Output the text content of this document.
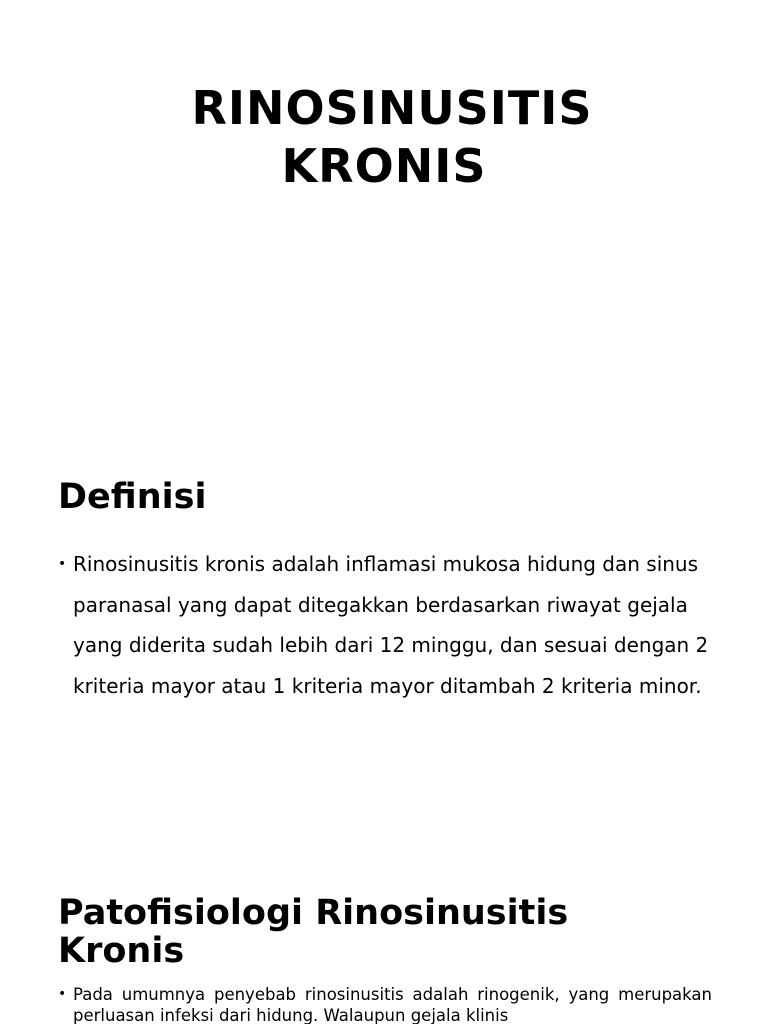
RINOSINUSITIS
KRONIS
Definisi
• Rinosinusitis kronis adalah inflamasi mukosa hidung dan sinus paranasal yang dapat ditegakkan berdasarkan riwayat gejala yang diderita sudah lebih dari 12 minggu, dan sesuai dengan 2 kriteria mayor atau 1 kriteria mayor ditambah 2 kriteria minor.
Patofisiologi Rinosinusitis Kronis
• Pada umumnya penyebab rinosinusitis adalah rinogenik, yang merupakan perluasan infeksi dari hidung. Walaupun gejala klinis
